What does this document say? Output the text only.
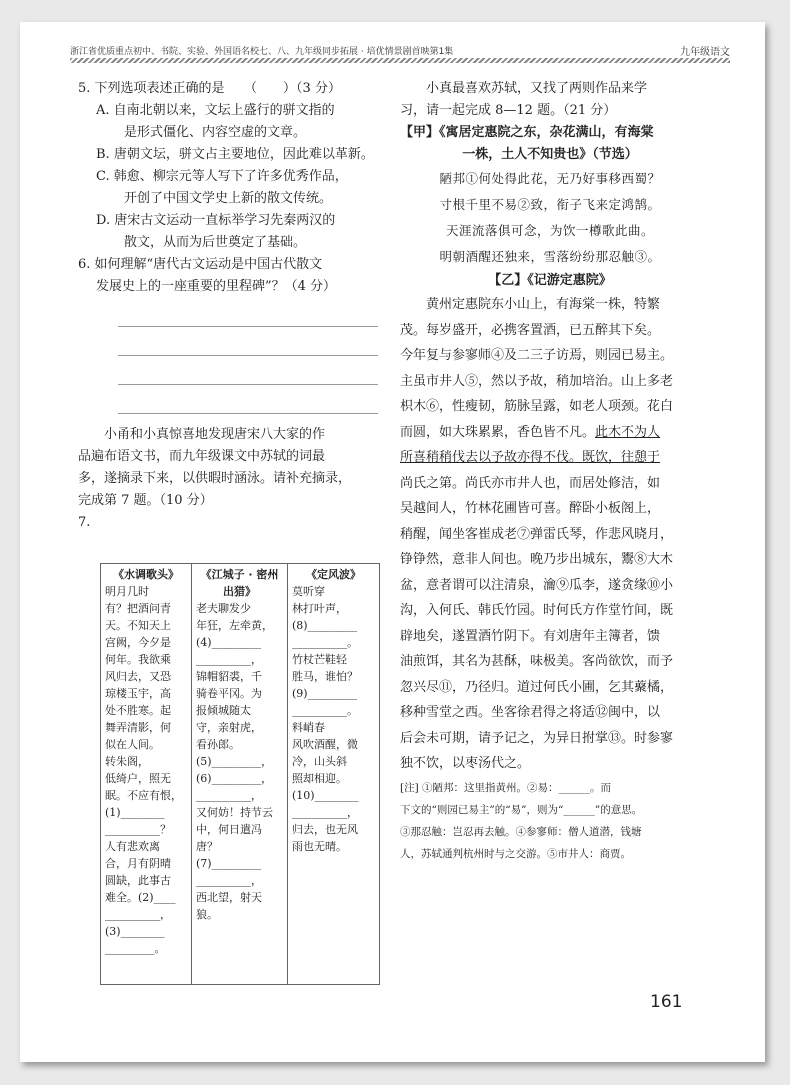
浙江省优质重点初中、书院、实验、外国语名校七、八、九年级同步拓展 · 培优情景剧首映第1集	九年级语文

5. 下列选项表述正确的是　　（　　）（3 分）

A. 自南北朝以来，文坛上盛行的骈文指的

是形式僵化、内容空虚的文章。

B. 唐朝文坛，骈文占主要地位，因此难以革新。

C. 韩愈、柳宗元等人写下了许多优秀作品，

开创了中国文学史上新的散文传统。

D. 唐宋古文运动一直标举学习先秦两汉的

散文，从而为后世奠定了基础。

6. 如何理解“唐代古文运动是中国古代散文

发展史上的一座重要的里程碑”？（4 分）

小甬和小真惊喜地发现唐宋八大家的作

品遍布语文书，而九年级课文中苏轼的词最

多，遂摘录下来，以供暇时涵泳。请补充摘录，

完成第 7 题。（10 分）

7.

《水调歌头》
明月几时
有？把酒问青
天。不知天上
宫阙，今夕是
何年。我欲乘
风归去，又恐
琼楼玉宇，高
处不胜寒。起
舞弄清影，何
似在人间。
转朱阁，
低绮户，照无
眠。不应有恨，
(1)________
__________？
人有悲欢离
合，月有阴晴
圆缺，此事古
难全。(2)____
__________，
(3)________
_________。
《江城子 · 密州出猎》
老夫聊发少
年狂，左牵黄，
(4)_________
__________，
锦帽貂裘，千
骑卷平冈。为
报倾城随太
守，亲射虎，
看孙郎。
(5)_________，
(6)_________，
__________，
又何妨！持节云
中，何日遣冯唐？
(7)_________
__________，
西北望，射天狼。
《定风波》
莫听穿
林打叶声，
(8)_________
__________。
竹杖芒鞋轻
胜马，谁怕？
(9)_________
__________。
料峭春
风吹酒醒，微
冷，山头斜
照却相迎。
(10)________
__________，
归去，也无风
雨也无晴。

小真最喜欢苏轼，又找了两则作品来学

习，请一起完成 8—12 题。（21 分）

【甲】《寓居定惠院之东，杂花满山，有海棠

一株，土人不知贵也》（节选）

陋邦①何处得此花，无乃好事移西蜀？
寸根千里不易②致，衔子飞来定鸿鹄。
天涯流落俱可念，为饮一樽歌此曲。
明朝酒醒还独来，雪落纷纷那忍触③。

【乙】《记游定惠院》

黄州定惠院东小山上，有海棠一株，特繁
茂。每岁盛开，必携客置酒，已五醉其下矣。
今年复与参寥师④及二三子访焉，则园已易主。
主虽市井人⑤，然以予故，稍加培治。山上多老
枳木⑥，性瘦韧，筋脉呈露，如老人项颈。花白
而圆，如大珠累累，香色皆不凡。此木不为人
所喜稍稍伐去以予故亦得不伐。既饮，往憩于
尚氏之第。尚氏亦市井人也，而居处修洁，如
吴越间人，竹林花圃皆可喜。醉卧小板阁上，
稍醒，闻坐客崔成老⑦弹雷氏琴，作悲风晓月，
铮铮然，意非人间也。晚乃步出城东，鬻⑧大木
盆，意者谓可以注清泉，瀹⑨瓜李，遂贪缘⑩小
沟，入何氏、韩氏竹园。时何氏方作堂竹间，既
辟地矣，遂置酒竹阴下。有刘唐年主簿者，馈
油煎饵，其名为甚酥，味极美。客尚欲饮，而予
忽兴尽⑪，乃径归。道过何氏小圃，乞其藂橘，
移种雪堂之西。坐客徐君得之将适⑫闽中，以
后会未可期，请予记之，为异日拊掌⑬。时参寥
独不饮，以枣汤代之。
[注] ①陋邦：这里指黄州。②易：______。而
下文的“则园已易主”的“易”，则为“______”的意思。
③那忍触：岂忍再去触。④参寥师：僧人道潜，钱塘
人，苏轼通判杭州时与之交游。⑤市井人：商贾。
161
